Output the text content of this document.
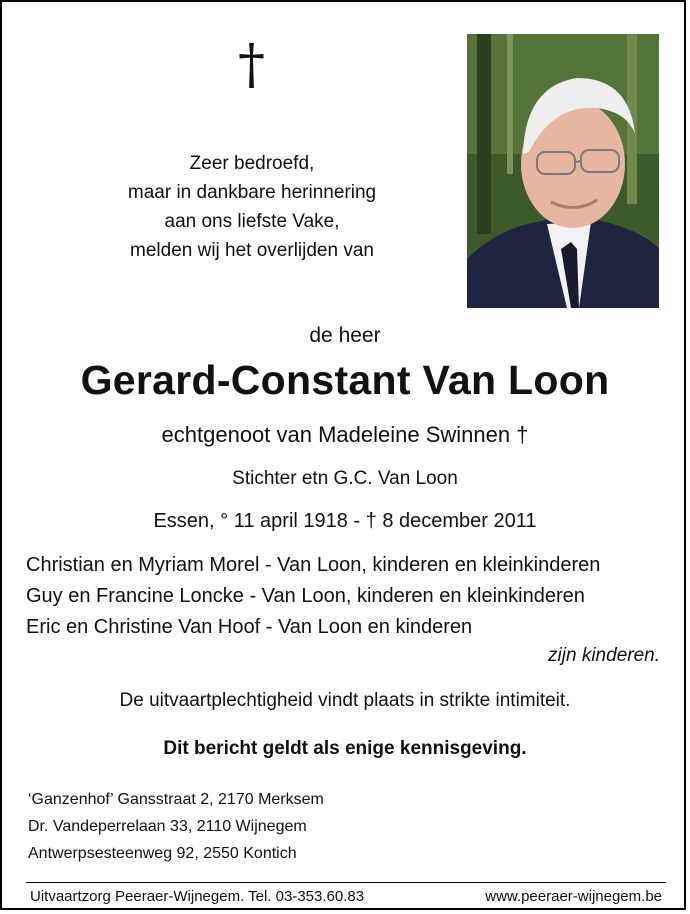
†
Zeer bedroefd,
maar in dankbare herinnering
aan ons liefste Vake,
melden wij het overlijden van
de heer
Gerard-Constant Van Loon
echtgenoot van Madeleine Swinnen †
Stichter etn G.C. Van Loon
Essen, ° 11 april 1918 - † 8 december 2011
Christian en Myriam Morel - Van Loon, kinderen en kleinkinderen
Guy en Francine Loncke - Van Loon, kinderen en kleinkinderen
Eric en Christine Van Hoof - Van Loon en kinderen
zijn kinderen.
De uitvaartplechtigheid vindt plaats in strikte intimiteit.
Dit bericht geldt als enige kennisgeving.
‘Ganzenhof’ Gansstraat 2, 2170 Merksem
Dr. Vandeperrelaan 33, 2110 Wijnegem
Antwerpsesteenweg 92, 2550 Kontich
Uitvaartzorg Peeraer-Wijnegem. Tel. 03-353.60.83	www.peeraer-wijnegem.be
